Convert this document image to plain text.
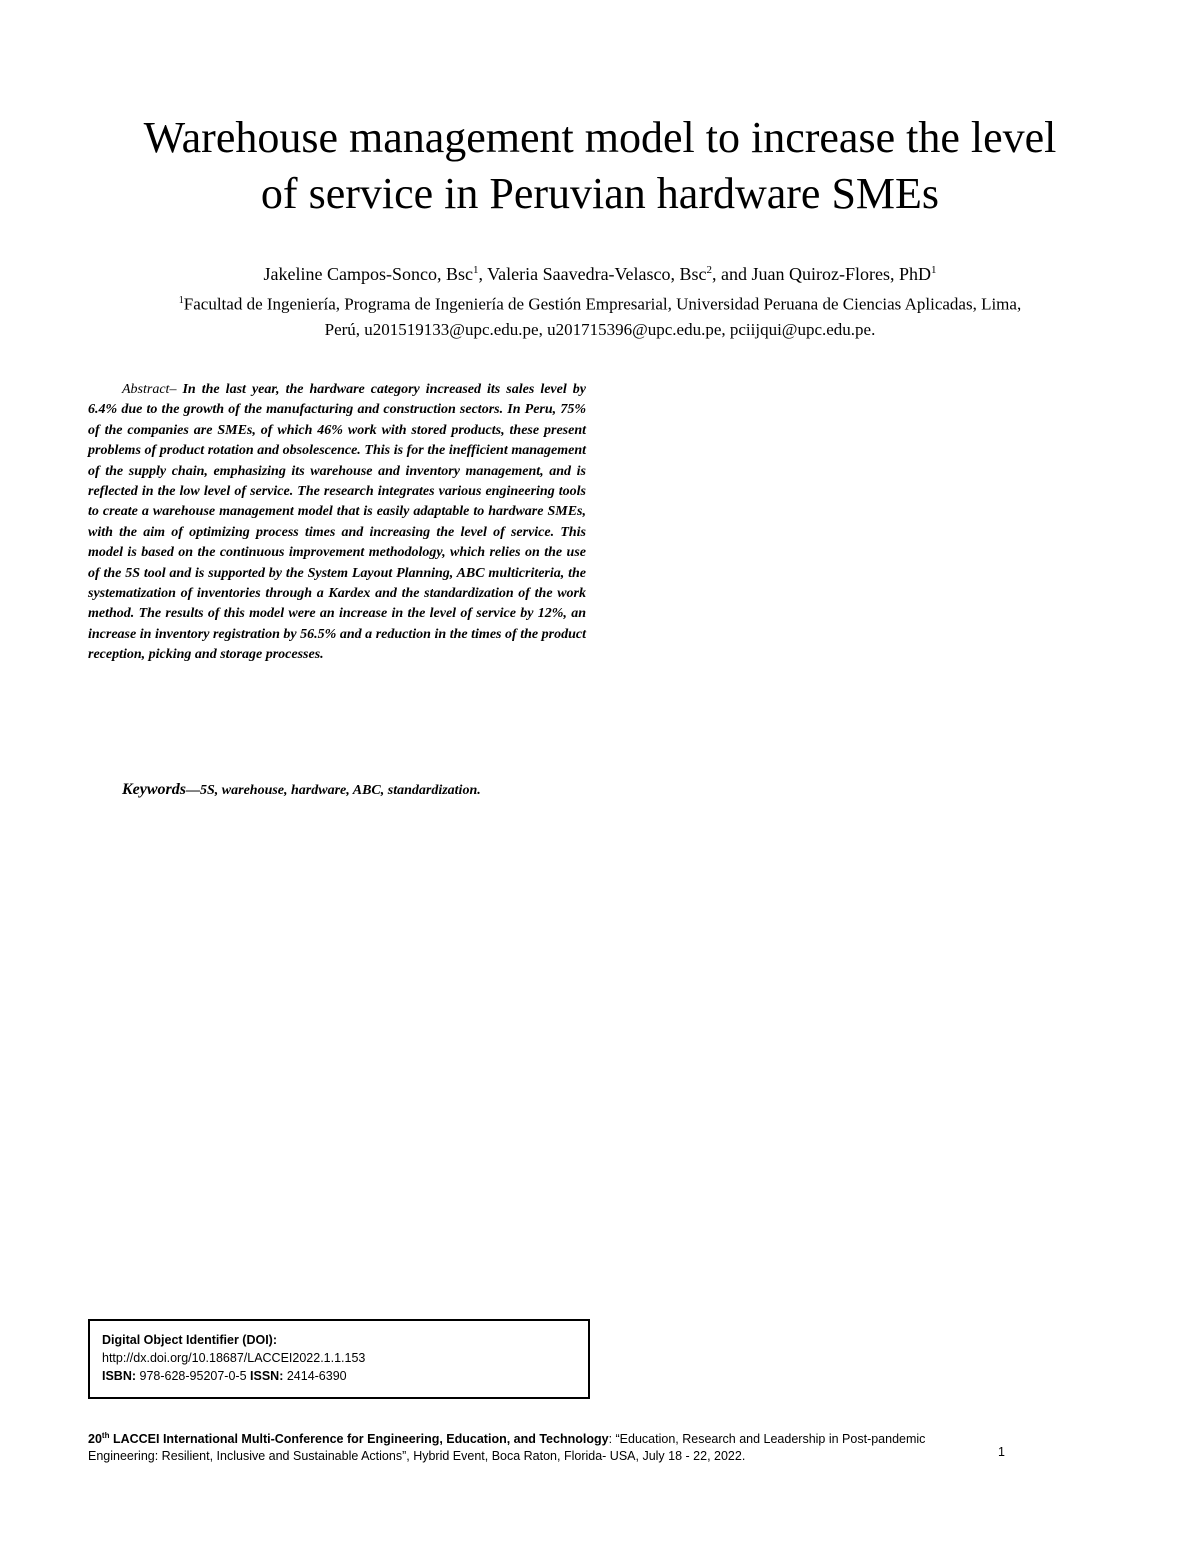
Warehouse management model to increase the level
of service in Peruvian hardware SMEs
Jakeline Campos-Sonco, Bsc$^1$, Valeria Saavedra-Velasco, Bsc$^2$, and Juan Quiroz-Flores, PhD$^1$
$^1$Facultad de Ingeniería, Programa de Ingeniería de Gestión Empresarial, Universidad Peruana de Ciencias Aplicadas, Lima,
Perú, u201519133@upc.edu.pe, u201715396@upc.edu.pe, pciijqui@upc.edu.pe.

Abstract– In the last year, the hardware category increased its sales level by 6.4% due to the growth of the manufacturing and construction sectors. In Peru, 75% of the companies are SMEs, of which 46% work with stored products, these present problems of product rotation and obsolescence. This is for the inefficient management of the supply chain, emphasizing its warehouse and inventory management, and is reflected in the low level of service. The research integrates various engineering tools to create a warehouse management model that is easily adaptable to hardware SMEs, with the aim of optimizing process times and increasing the level of service. This model is based on the continuous improvement methodology, which relies on the use of the 5S tool and is supported by the System Layout Planning, ABC multicriteria, the systematization of inventories through a Kardex and the standardization of the work method. The results of this model were an increase in the level of service by 12%, an increase in inventory registration by 56.5% and a reduction in the times of the product reception, picking and storage processes.

Keywords—5S, warehouse, hardware, ABC, standardization.
Digital Object Identifier (DOI):
http://dx.doi.org/10.18687/LACCEI2022.1.1.153
ISBN: 978-628-95207-0-5 ISSN: 2414-6390
20th LACCEI International Multi-Conference for Engineering, Education, and Technology: “Education, Research and Leadership in Post-pandemic
Engineering: Resilient, Inclusive and Sustainable Actions”, Hybrid Event, Boca Raton, Florida- USA, July 18 - 22, 2022.	1
